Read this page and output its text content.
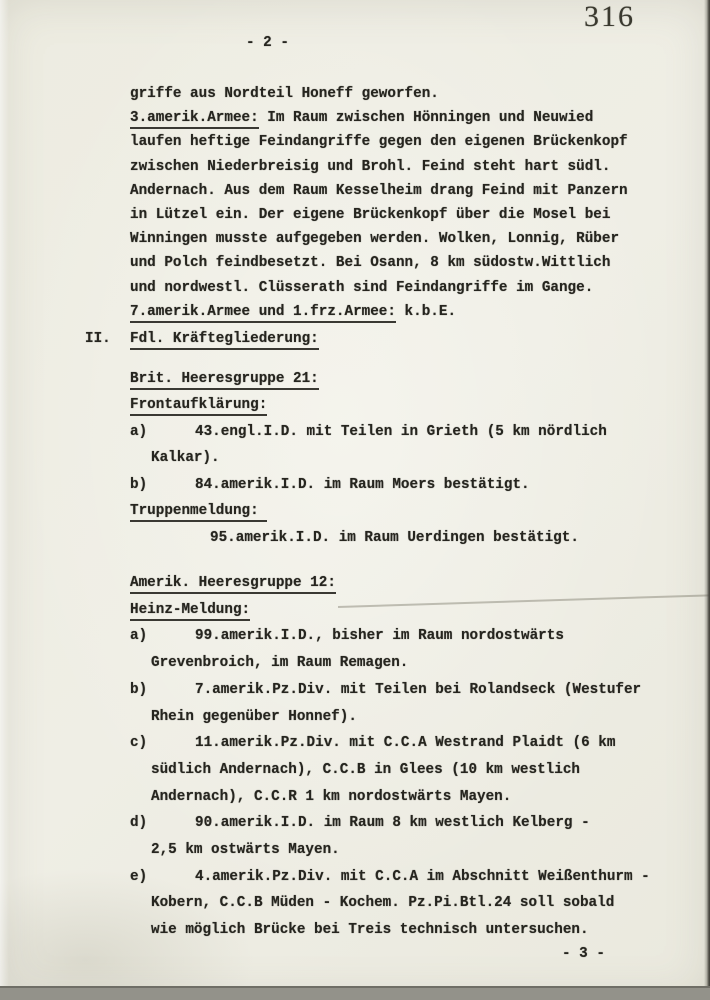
316
- 2 -
griffe aus Nordteil Honeff geworfen.
3.amerik.Armee: Im Raum zwischen Hönningen und Neuwied
laufen heftige Feindangriffe gegen den eigenen Brückenkopf
zwischen Niederbreisig und Brohl. Feind steht hart südl.
Andernach. Aus dem Raum Kesselheim drang Feind mit Panzern
in Lützel ein. Der eigene Brückenkopf über die Mosel bei
Winningen musste aufgegeben werden. Wolken, Lonnig, Rüber
und Polch feindbesetzt. Bei Osann, 8 km südostw.Wittlich
und nordwestl. Clüsserath sind Feindangriffe im Gange.
7.amerik.Armee und 1.frz.Armee: k.b.E.
II. Fdl. Kräftegliederung:
Brit. Heeresgruppe 21:
Frontaufklärung:
a)	43.engl.I.D. mit Teilen in Grieth (5 km nördlich
Kalkar).
b)	84.amerik.I.D. im Raum Moers bestätigt.
Truppenmeldung:
95.amerik.I.D. im Raum Uerdingen bestätigt.
Amerik. Heeresgruppe 12:
Heinz-Meldung:
a)	99.amerik.I.D., bisher im Raum nordostwärts
Grevenbroich, im Raum Remagen.
b)	7.amerik.Pz.Div. mit Teilen bei Rolandseck (Westufer
Rhein gegenüber Honnef).
c)	11.amerik.Pz.Div. mit C.C.A Westrand Plaidt (6 km
südlich Andernach), C.C.B in Glees (10 km westlich
Andernach), C.C.R 1 km nordostwärts Mayen.
d)	90.amerik.I.D. im Raum 8 km westlich Kelberg -
2,5 km ostwärts Mayen.
e)	4.amerik.Pz.Div. mit C.C.A im Abschnitt Weißenthurm -
Kobern, C.C.B Müden - Kochem. Pz.Pi.Btl.24 soll sobald
wie möglich Brücke bei Treis technisch untersuchen.
- 3 -
